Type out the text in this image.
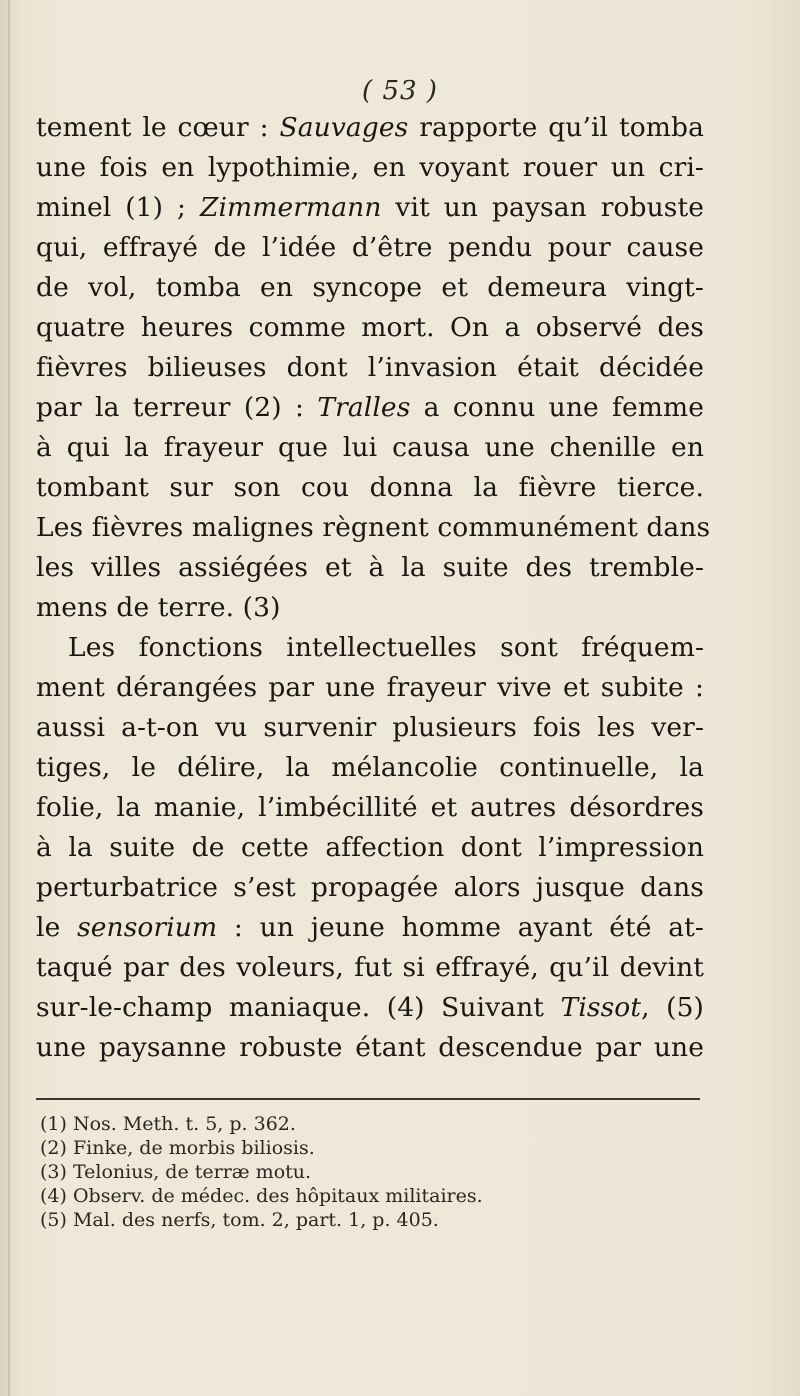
( 53 )
tement le cœur : Sauvages rapporte qu’il tomba
une fois en lypothimie, en voyant rouer un cri-
minel (1) ; Zimmermann vit un paysan robuste
qui, effrayé de l’idée d’être pendu pour cause
de vol, tomba en syncope et demeura vingt-
quatre heures comme mort. On a observé des
fièvres bilieuses dont l’invasion était décidée
par la terreur (2) : Tralles a connu une femme
à qui la frayeur que lui causa une chenille en
tombant sur son cou donna la fièvre tierce.
Les fièvres malignes règnent communément dans
les villes assiégées et à la suite des tremble-
mens de terre. (3)
Les fonctions intellectuelles sont fréquem-
ment dérangées par une frayeur vive et subite :
aussi a-t-on vu survenir plusieurs fois les ver-
tiges, le délire, la mélancolie continuelle, la
folie, la manie, l’imbécillité et autres désordres
à la suite de cette affection dont l’impression
perturbatrice s’est propagée alors jusque dans
le sensorium : un jeune homme ayant été at-
taqué par des voleurs, fut si effrayé, qu’il devint
sur-le-champ maniaque. (4) Suivant Tissot, (5)
une paysanne robuste étant descendue par une
(1) Nos. Meth. t. 5, p. 362.
(2) Finke, de morbis biliosis.
(3) Telonius, de terræ motu.
(4) Observ. de médec. des hôpitaux militaires.
(5) Mal. des nerfs, tom. 2, part. 1, p. 405.
